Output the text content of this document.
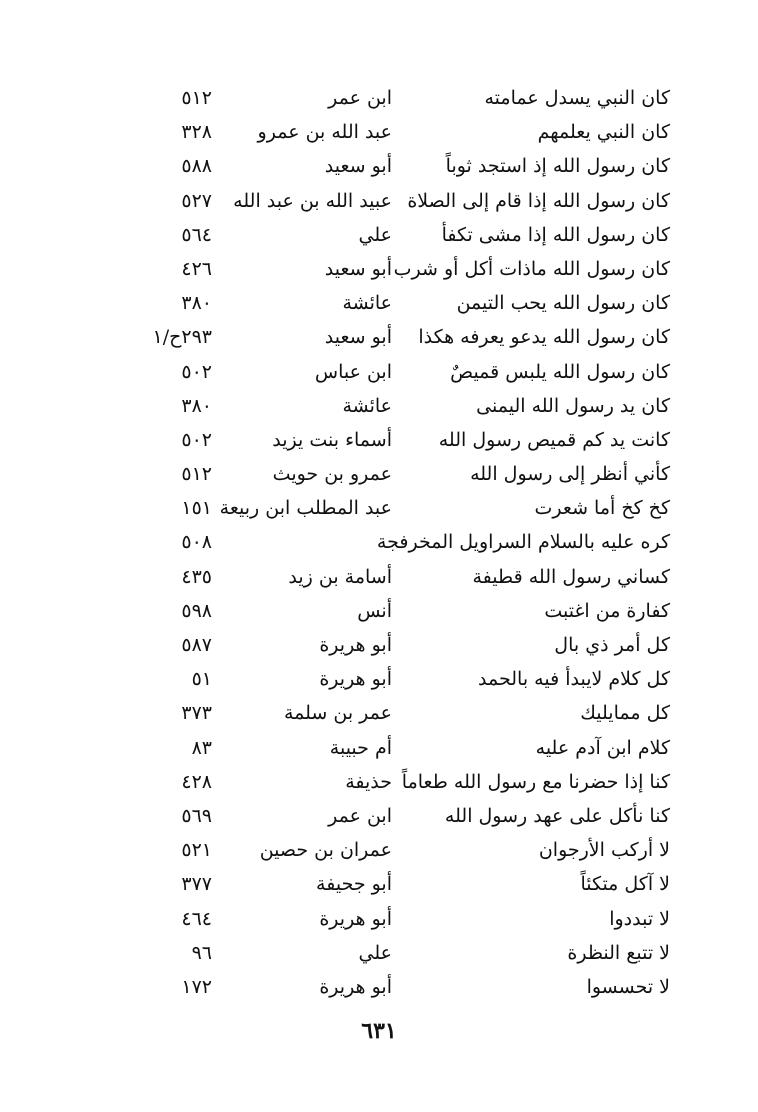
كان النبي يسدل عمامته
ابن عمر
٥١٢
كان النبي يعلمهم
عبد الله بن عمرو
٣٢٨
كان رسول الله إذ استجد ثوباً
أبو سعيد
٥٨٨
كان رسول الله إذا قام إلى الصلاة
عبيد الله بن عبد الله
٥٢٧
كان رسول الله إذا مشى تكفأ
علي
٥٦٤
كان رسول الله ماذات أكل أو شرب
أبو سعيد
٤٢٦
كان رسول الله يحب التيمن
عائشة
٣٨٠
كان رسول الله يدعو يعرفه هكذا
أبو سعيد
٢٩٣ح/١
كان رسول الله يلبس قميصٌ
ابن عباس
٥٠٢
كان يد رسول الله اليمنى
عائشة
٣٨٠
كانت يد كم قميص رسول الله
أسماء بنت يزيد
٥٠٢
كأني أنظر إلى رسول الله
عمرو بن حويث
٥١٢
كخ كخ أما شعرت
عبد المطلب ابن ربيعة
١٥١
كره عليه بالسلام السراويل المخرفجة
٥٠٨
كساني رسول الله قطيفة
أسامة بن زيد
٤٣٥
كفارة من اغتبت
أنس
٥٩٨
كل أمر ذي بال
أبو هريرة
٥٨٧
كل كلام لايبدأ فيه بالحمد
أبو هريرة
٥١
كل ممايليك
عمر بن سلمة
٣٧٣
كلام ابن آدم عليه
أم حبيبة
٨٣
كنا إذا حضرنا مع رسول الله طعاماً
حذيفة
٤٢٨
كنا نأكل على عهد رسول الله
ابن عمر
٥٦٩
لا أركب الأرجوان
عمران بن حصين
٥٢١
لا آكل متكئاً
أبو جحيفة
٣٧٧
لا تبددوا
أبو هريرة
٤٦٤
لا تتبع النظرة
علي
٩٦
لا تحسسوا
أبو هريرة
١٧٢
٦٣١
